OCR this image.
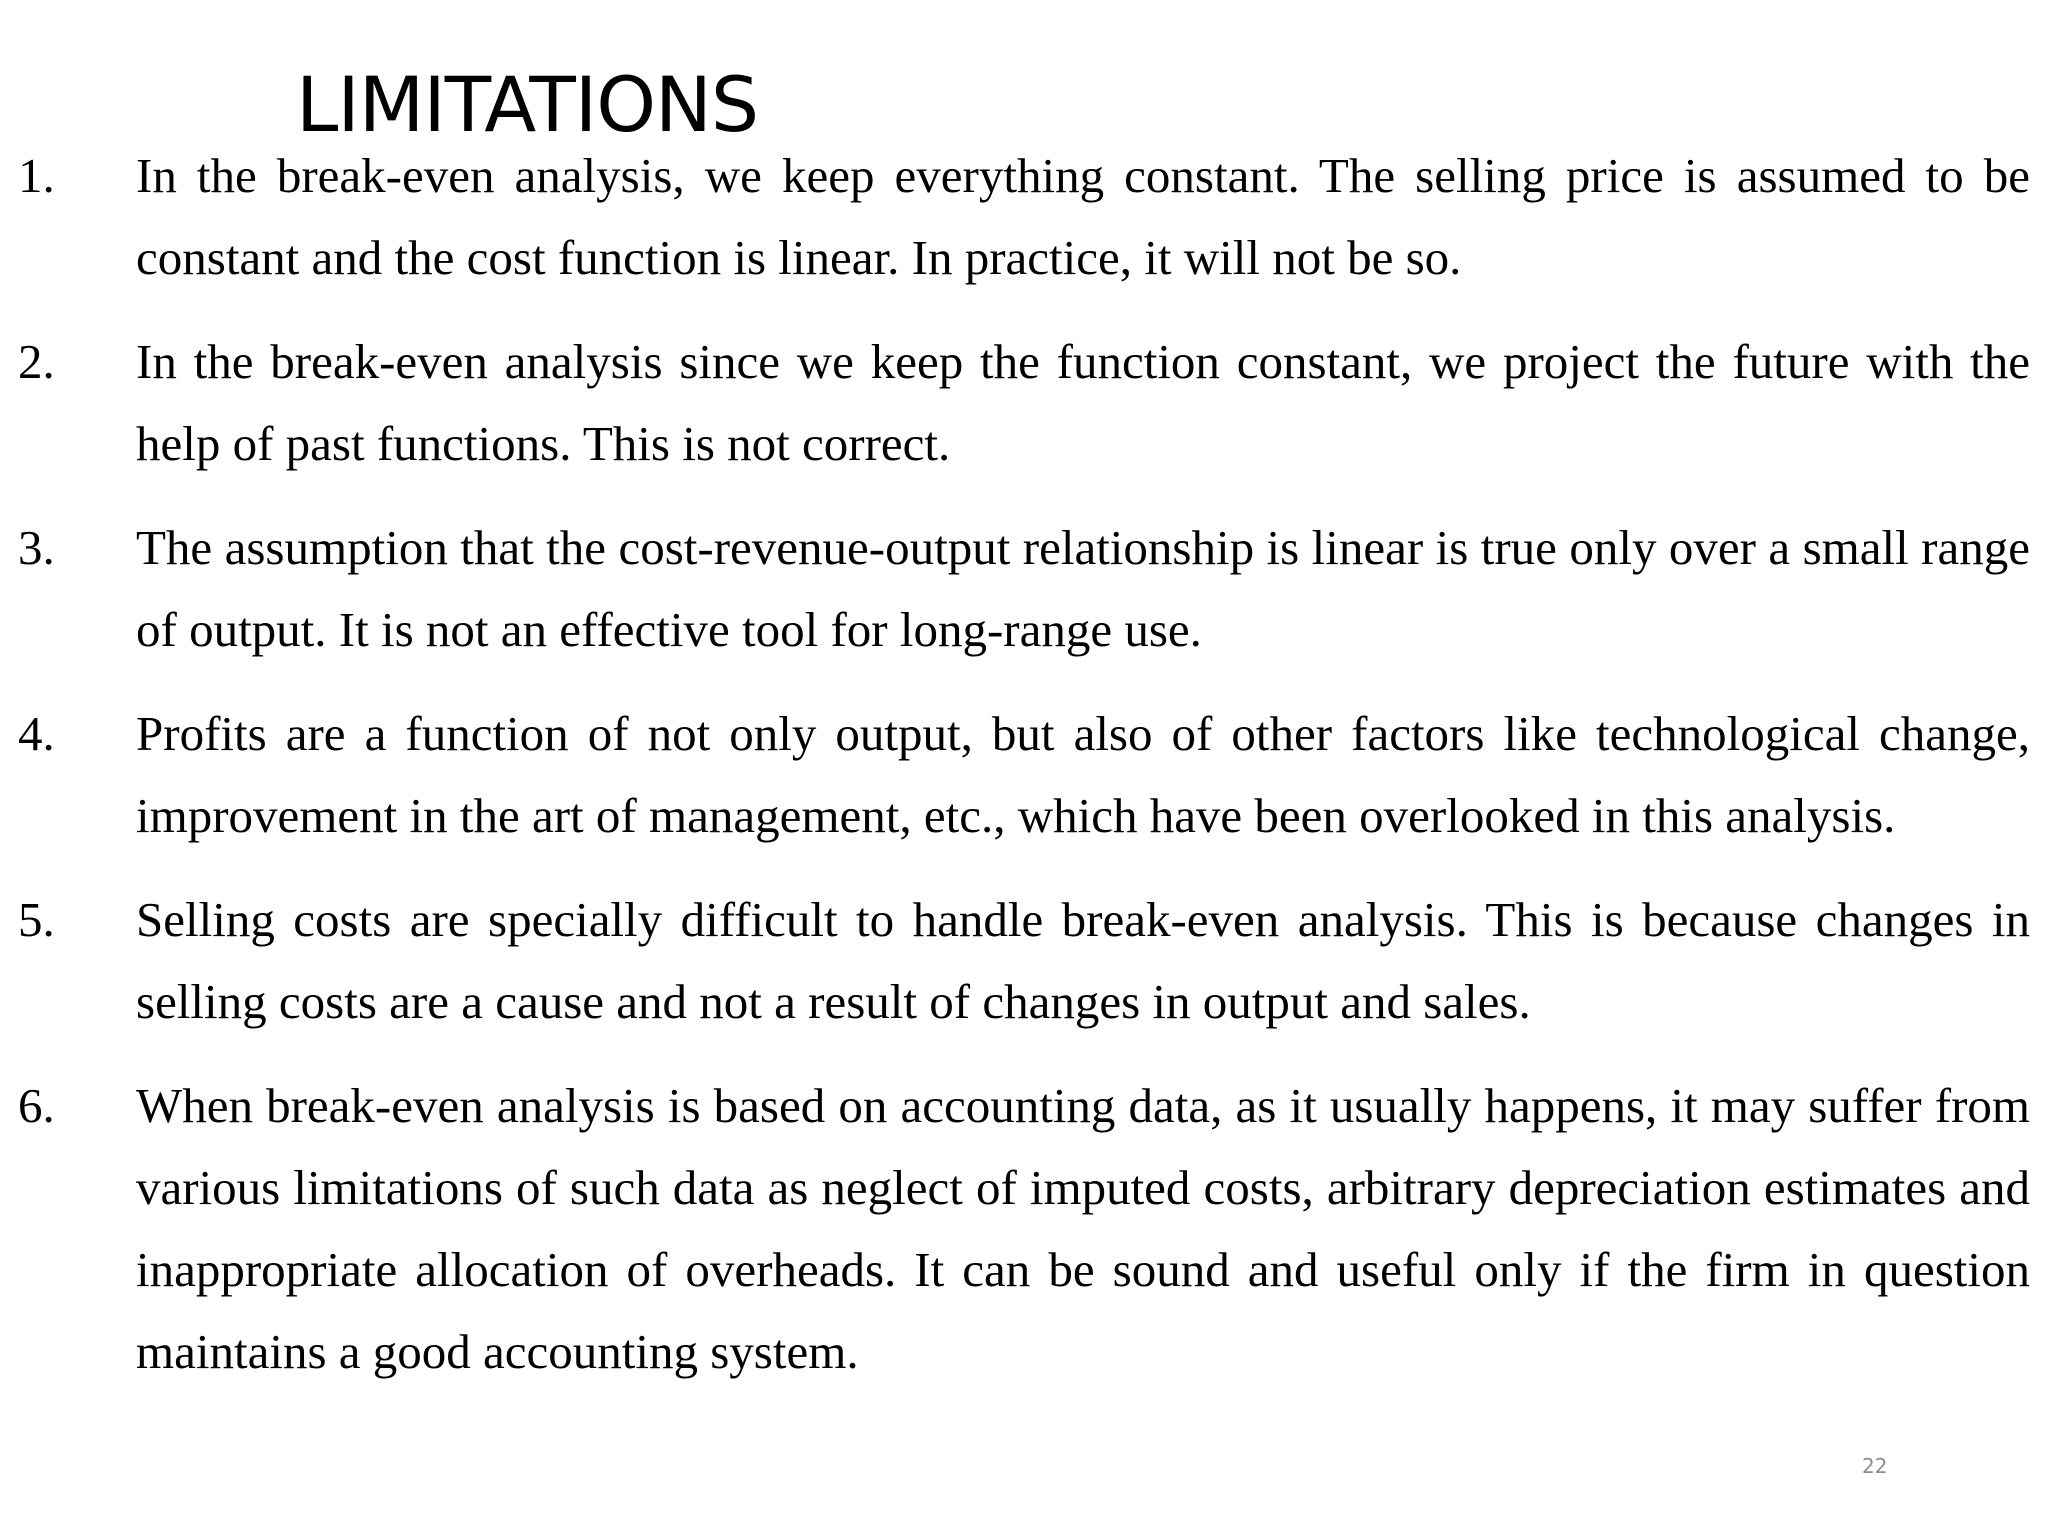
LIMITATIONS
1.	In the break-even analysis, we keep everything constant. The selling price is assumed to be constant and the cost function is linear. In practice, it will not be so.
2.	In the break-even analysis since we keep the function constant, we project the future with the help of past functions. This is not correct.
3.	The assumption that the cost-revenue-output relationship is linear is true only over a small range of output. It is not an effective tool for long-range use.
4.	Profits are a function of not only output, but also of other factors like technological change, improvement in the art of management, etc., which have been overlooked in this analysis.
5.	Selling costs are specially difficult to handle break-even analysis. This is because changes in selling costs are a cause and not a result of changes in output and sales.
6.	When break-even analysis is based on accounting data, as it usually happens, it may suffer from various limitations of such data as neglect of imputed costs, arbitrary depreciation estimates and inappropriate allocation of overheads. It can be sound and useful only if the firm in question maintains a good accounting system.
22
